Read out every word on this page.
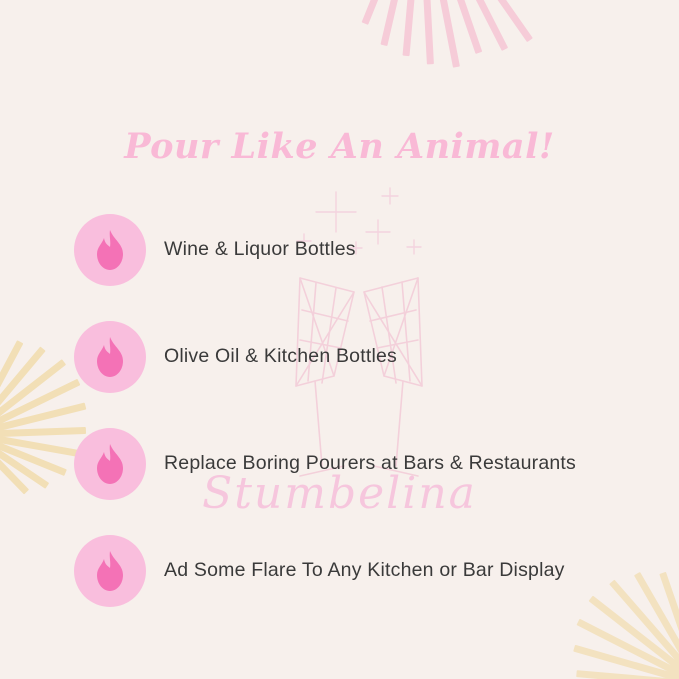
Pour Like An Animal!
Wine & Liquor Bottles
Olive Oil & Kitchen Bottles
Replace Boring Pourers at Bars & Restaurants
Ad Some Flare To Any Kitchen or Bar Display
Stumbelina
